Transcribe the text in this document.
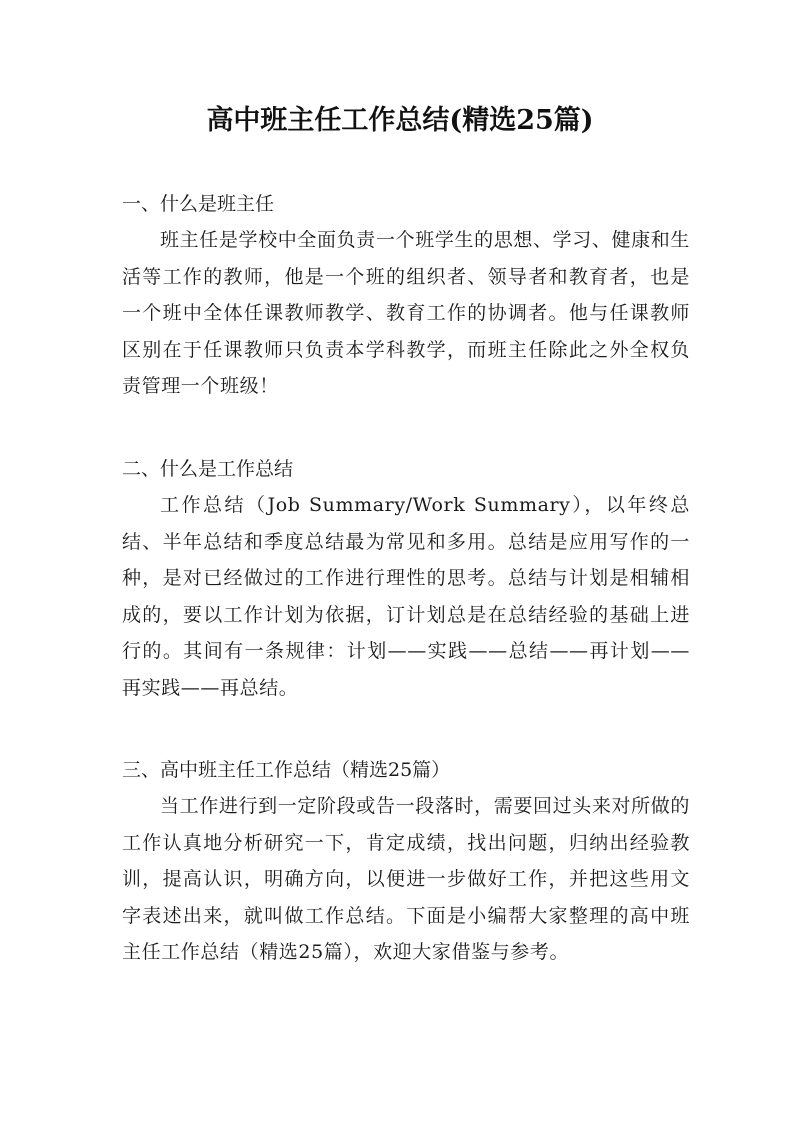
高中班主任工作总结(精选25篇)
一、什么是班主任
班主任是学校中全面负责一个班学生的思想、学习、健康和生活等工作的教师，他是一个班的组织者、领导者和教育者，也是一个班中全体任课教师教学、教育工作的协调者。他与任课教师区别在于任课教师只负责本学科教学，而班主任除此之外全权负责管理一个班级！
二、什么是工作总结
工作总结（Job Summary/Work Summary），以年终总结、半年总结和季度总结最为常见和多用。总结是应用写作的一种，是对已经做过的工作进行理性的思考。总结与计划是相辅相成的，要以工作计划为依据，订计划总是在总结经验的基础上进行的。其间有一条规律：计划——实践——总结——再计划——再实践——再总结。
三、高中班主任工作总结（精选25篇）
当工作进行到一定阶段或告一段落时，需要回过头来对所做的工作认真地分析研究一下，肯定成绩，找出问题，归纳出经验教训，提高认识，明确方向，以便进一步做好工作，并把这些用文字表述出来，就叫做工作总结。下面是小编帮大家整理的高中班主任工作总结（精选25篇），欢迎大家借鉴与参考。
